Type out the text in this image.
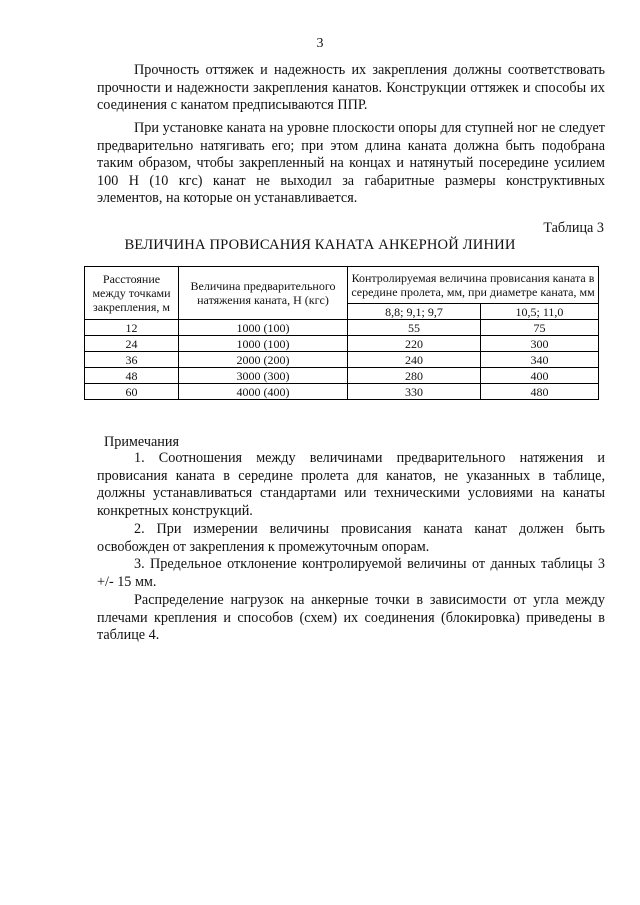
3

Прочность оттяжек и надежность их закрепления должны соответствовать прочности и надежности закрепления канатов. Конструкции оттяжек и способы их соединения с канатом предписываются ППР.

При установке каната на уровне плоскости опоры для ступней ног не следует предварительно натягивать его; при этом длина каната должна быть подобрана таким образом, чтобы закрепленный на концах и натянутый посередине усилием 100 Н (10 кгс) канат не выходил за габаритные размеры конструктивных элементов, на которые он устанавливается.

Таблица 3
ВЕЛИЧИНА ПРОВИСАНИЯ КАНАТА АНКЕРНОЙ ЛИНИИ
Расстояние между точками закрепления, м	Величина предварительного натяжения каната, Н (кгс)	Контролируемая величина провисания каната в середине пролета, мм, при диаметре каната, мм	
		8,8; 9,1; 9,7	10,5; 11,0
12	1000 (100)	55	75
24	1000 (100)	220	300
36	2000 (200)	240	340
48	3000 (300)	280	400
60	4000 (400)	330	480
Примечания

1. Соотношения между величинами предварительного натяжения и провисания каната в середине пролета для канатов, не указанных в таблице, должны устанавливаться стандартами или техническими условиями на канаты конкретных конструкций.

2. При измерении величины провисания каната канат должен быть освобожден от закрепления к промежуточным опорам.

3. Предельное отклонение контролируемой величины от данных таблицы 3 +/- 15 мм.

Распределение нагрузок на анкерные точки в зависимости от угла между плечами крепления и способов (схем) их соединения (блокировка) приведены в таблице 4.
